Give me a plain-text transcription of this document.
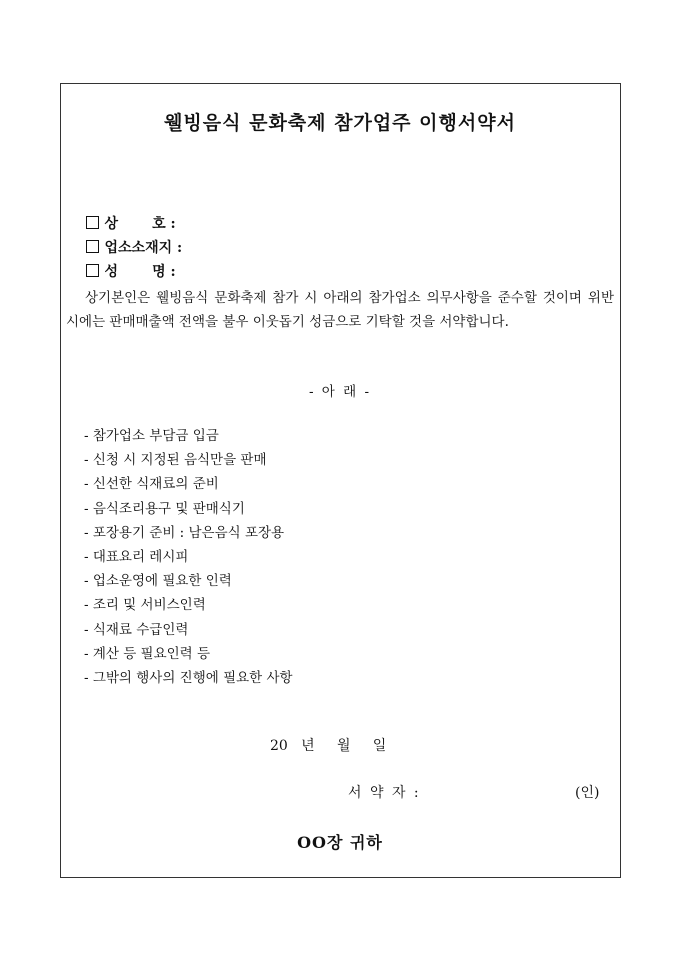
웰빙음식 문화축제 참가업주 이행서약서

상       호 :

업소소재지 :

성       명 :

상기본인은 웰빙음식 문화축제 참가 시 아래의 참가업소 의무사항을 준수할 것이며 위반 시에는 판매매출액 전액을 불우 이웃돕기 성금으로 기탁할 것을 서약합니다.
- 아 래 -
- 참가업소 부담금 입금
- 신청 시 지정된 음식만을 판매
- 신선한 식재료의 준비
- 음식조리용구 및 판매식기
- 포장용기 준비 : 남은음식 포장용
- 대표요리 레시피
- 업소운영에 필요한 인력
- 조리 및 서비스인력
- 식재료 수급인력
- 계산 등 필요인력 등
- 그밖의 행사의 진행에 필요한 사항
20   년     월     일
서 약 자 :	(인)
OO장 귀하
